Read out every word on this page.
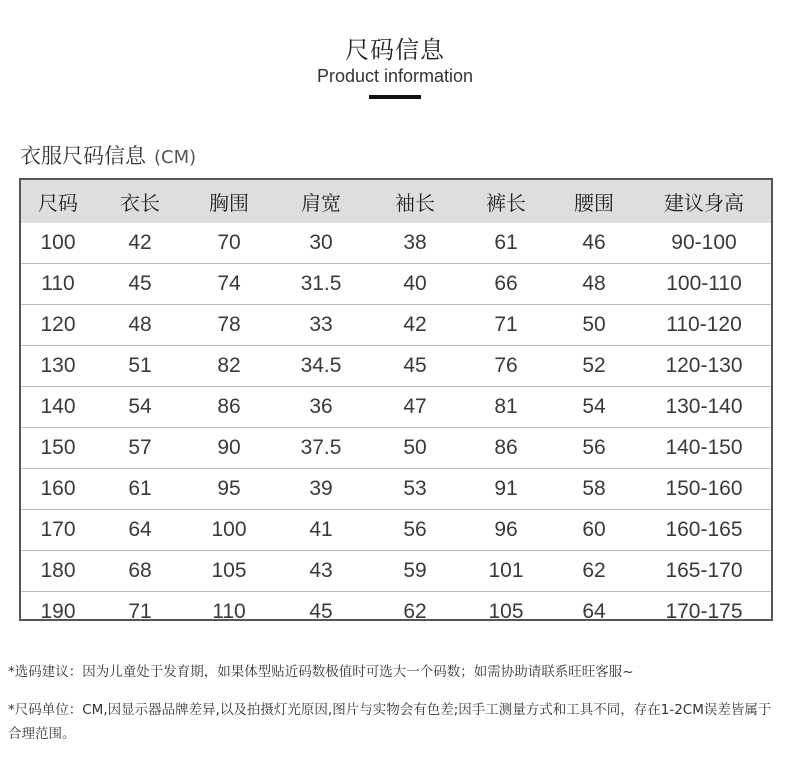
尺码信息
Product information
衣服尺码信息 (CM)
尺码	衣长	胸围	肩宽	袖长	裤长	腰围	建议身高
100	42	70	30	38	61	46	90-100
110	45	74	31.5	40	66	48	100-110
120	48	78	33	42	71	50	110-120
130	51	82	34.5	45	76	52	120-130
140	54	86	36	47	81	54	130-140
150	57	90	37.5	50	86	56	140-150
160	61	95	39	53	91	58	150-160
170	64	100	41	56	96	60	160-165
180	68	105	43	59	101	62	165-170
190	71	110	45	62	105	64	170-175
*选码建议：因为儿童处于发育期，如果体型贴近码数极值时可选大一个码数；如需协助请联系旺旺客服~
*尺码单位：CM,因显示器品牌差异,以及拍摄灯光原因,图片与实物会有色差;因手工测量方式和工具不同，存在1-2CM误差皆属于合理范围。
